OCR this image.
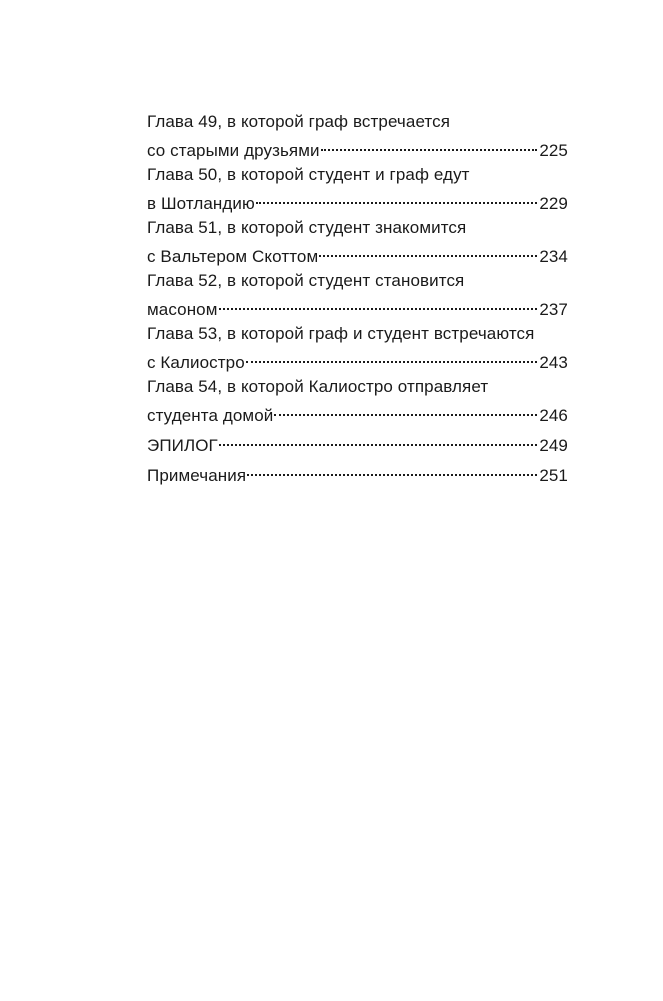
Глава 49, в которой граф встречается
со старыми друзьями	225
Глава 50, в которой студент и граф едут
в Шотландию	229
Глава 51, в которой студент знакомится
с Вальтером Скоттом	234
Глава 52, в которой студент становится
масоном	237
Глава 53, в которой граф и студент встречаются
с Калиостро	243
Глава 54, в которой Калиостро отправляет
студента домой	246
ЭПИЛОГ	249
Примечания	251
